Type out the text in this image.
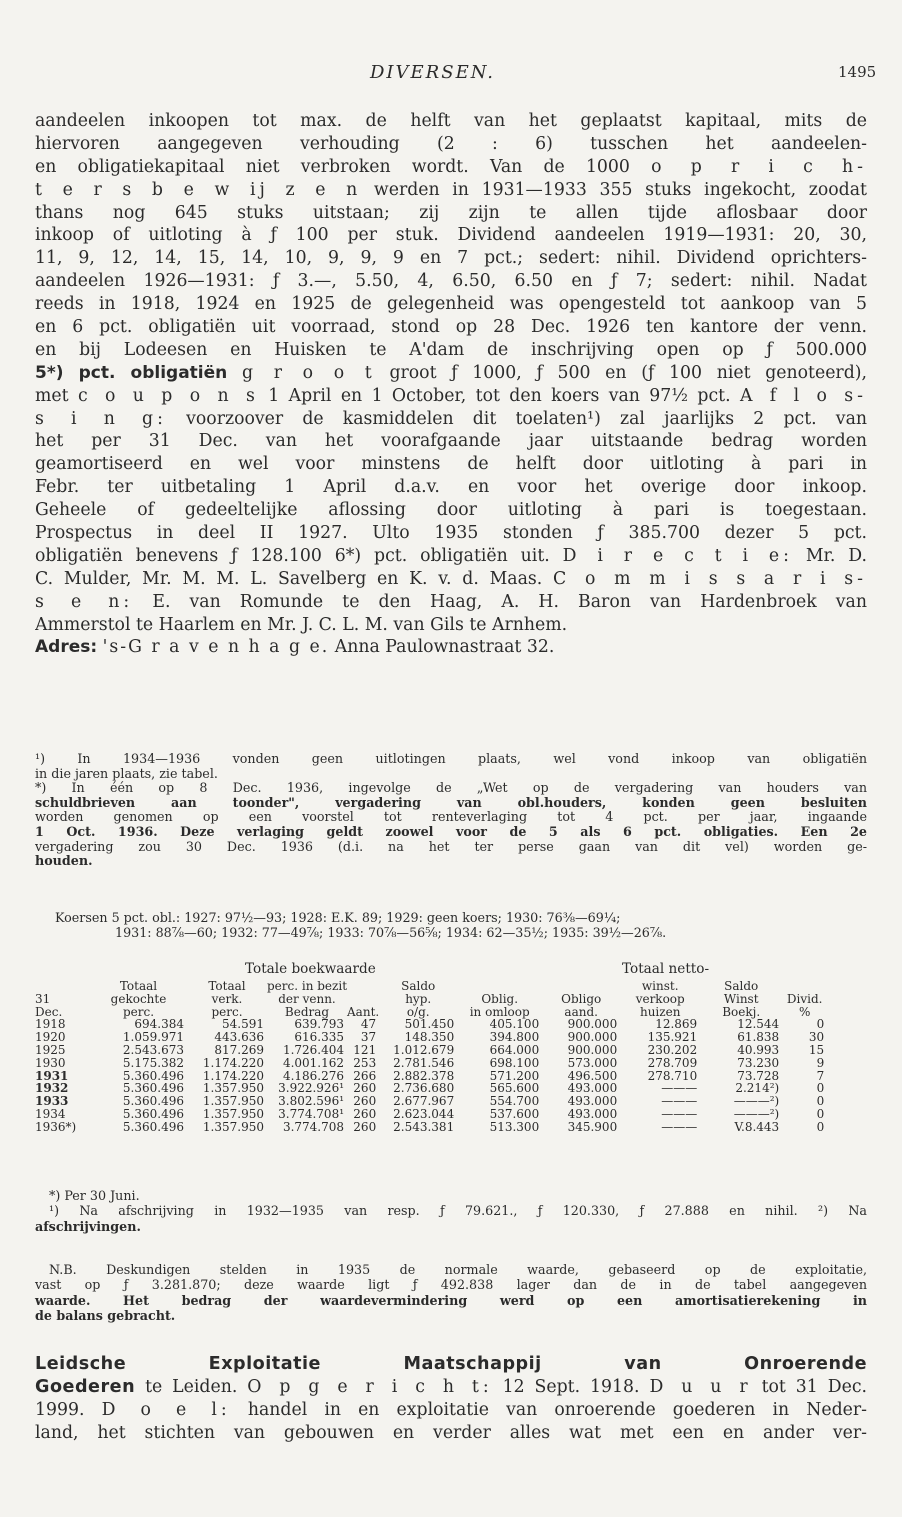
DIVERSEN.	1495
aandeelen inkoopen tot max. de helft van het geplaatst kapitaal, mits de
hiervoren aangegeven verhouding (2 : 6) tusschen het aandeelen-
en obligatiekapitaal niet verbroken wordt. Van de 1000 o p r i c h-
t e r s b e w ij z e n werden in 1931—1933 355 stuks ingekocht, zoodat
thans nog 645 stuks uitstaan; zij zijn te allen tijde aflosbaar door
inkoop of uitloting à ƒ 100 per stuk. Dividend aandeelen 1919—1931: 20, 30,
11, 9, 12, 14, 15, 14, 10, 9, 9, 9 en 7 pct.; sedert: nihil. Dividend oprichters-
aandeelen 1926—1931: ƒ 3.—, 5.50, 4, 6.50, 6.50 en ƒ 7; sedert: nihil. Nadat
reeds in 1918, 1924 en 1925 de gelegenheid was opengesteld tot aankoop van 5
en 6 pct. obligatiën uit voorraad, stond op 28 Dec. 1926 ten kantore der venn.
en bij Lodeesen en Huisken te A'dam de inschrijving open op ƒ 500.000
5*) pct. obligatiën g r o o t groot ƒ 1000, ƒ 500 en (ƒ 100 niet genoteerd),
met c o u p o n s 1 April en 1 October, tot den koers van 97½ pct. A f l o s-
s i n g: voorzoover de kasmiddelen dit toelaten¹) zal jaarlijks 2 pct. van
het per 31 Dec. van het voorafgaande jaar uitstaande bedrag worden
geamortiseerd en wel voor minstens de helft door uitloting à pari in
Febr. ter uitbetaling 1 April d.a.v. en voor het overige door inkoop.
Geheele of gedeeltelijke aflossing door uitloting à pari is toegestaan.
Prospectus in deel II 1927. Ulto 1935 stonden ƒ 385.700 dezer 5 pct.
obligatiën benevens ƒ 128.100 6*) pct. obligatiën uit. D i r e c t i e: Mr. D.
C. Mulder, Mr. M. M. L. Savelberg en K. v. d. Maas. C o m m i s s a r i s-
s e n: E. van Romunde te den Haag, A. H. Baron van Hardenbroek van
Ammerstol te Haarlem en Mr. J. C. L. M. van Gils te Arnhem.
Adres: 's-G r a v e n h a g e. Anna Paulownastraat 32.
¹) In 1934—1936 vonden geen uitlotingen plaats, wel vond inkoop van obligatiën
in die jaren plaats, zie tabel.
*) In één op 8 Dec. 1936, ingevolge de „Wet op de vergadering van houders van
schuldbrieven aan toonder", vergadering van obl.houders, konden geen besluiten
worden genomen op een voorstel tot renteverlaging tot 4 pct. per jaar, ingaande
1 Oct. 1936. Deze verlaging geldt zoowel voor de 5 als 6 pct. obligaties. Een 2e
vergadering zou 30 Dec. 1936 (d.i. na het ter perse gaan van dit vel) worden ge-
houden.
Koersen 5 pct. obl.: 1927: 97½—93; 1928: E.K. 89; 1929: geen koers; 1930: 76⅜—69¼;
1931: 88⅞—60; 1932: 77—49⅞; 1933: 70⅞—56⅝; 1934: 62—35½; 1935: 39½—26⅞.
Totale boekwaarde	Totaal netto-
	Totaal	Totaal	perc. in bezit		Saldo			winst.	Saldo	
31	gekochte	verk.	der venn.		hyp.	Oblig.	Obligo	verkoop	Winst	Divid.
Dec.	perc.	perc.	Bedrag	Aant.	o/g.	in omloop	aand.	huizen	Boekj.	%
1918	694.384	54.591	639.793	47	501.450	405.100	900.000	12.869	12.544	0
1920	1.059.971	443.636	616.335	37	148.350	394.800	900.000	135.921	61.838	30
1925	2.543.673	817.269	1.726.404	121	1.012.679	664.000	900.000	230.202	40.993	15
1930	5.175.382	1.174.220	4.001.162	253	2.781.546	698.100	573.000	278.709	73.230	9
1931	5.360.496	1.174.220	4.186.276	266	2.882.378	571.200	496.500	278.710	73.728	7
1932	5.360.496	1.357.950	3.922.926¹	260	2.736.680	565.600	493.000	———	2.214²)	0
1933	5.360.496	1.357.950	3.802.596¹	260	2.677.967	554.700	493.000	———	———²)	0
1934	5.360.496	1.357.950	3.774.708¹	260	2.623.044	537.600	493.000	———	———²)	0
1936*)	5.360.496	1.357.950	3.774.708	260	2.543.381	513.300	345.900	———	V.8.443	0
*) Per 30 Juni.
¹) Na afschrijving in 1932—1935 van resp. ƒ 79.621., ƒ 120.330, ƒ 27.888 en nihil. ²) Na
afschrijvingen.
N.B. Deskundigen stelden in 1935 de normale waarde, gebaseerd op de exploitatie,
vast op ƒ 3.281.870; deze waarde ligt ƒ 492.838 lager dan de in de tabel aangegeven
waarde. Het bedrag der waardevermindering werd op een amortisatierekening in
de balans gebracht.
Leidsche Exploitatie Maatschappij van Onroerende
Goederen te Leiden. O p g e r i c h t: 12 Sept. 1918. D u u r tot 31 Dec.
1999. D o e l: handel in en exploitatie van onroerende goederen in Neder-
land, het stichten van gebouwen en verder alles wat met een en ander ver-
